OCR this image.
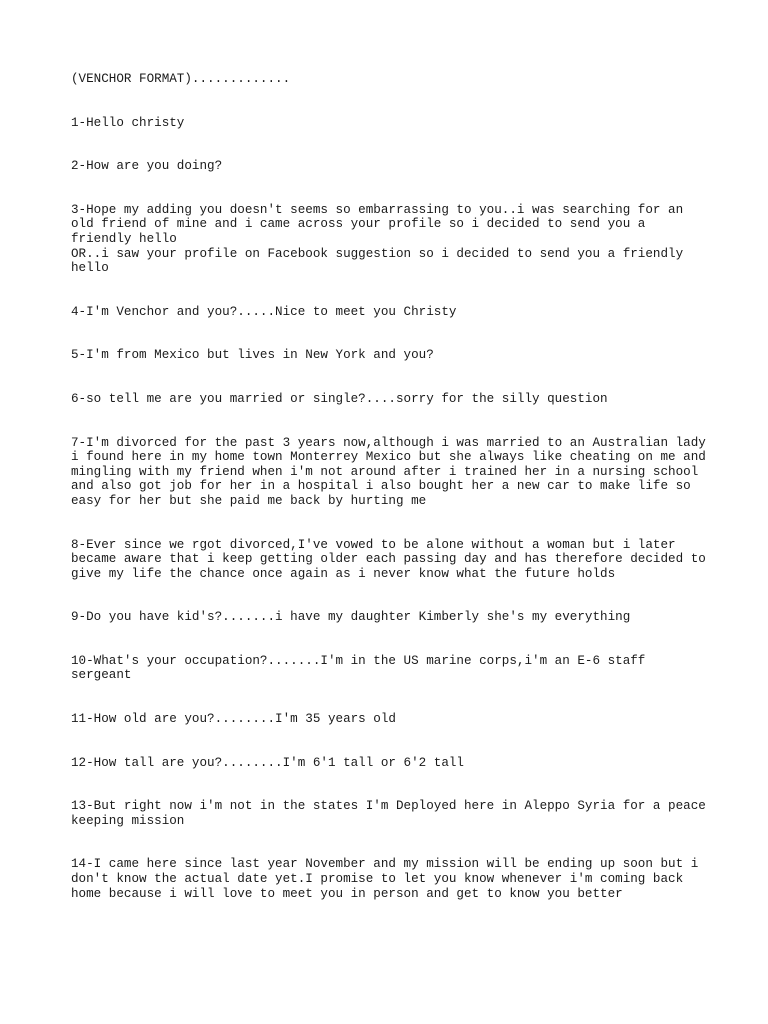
(VENCHOR FORMAT).............

1-Hello christy
2-How are you doing?
3-Hope my adding you doesn't seems so embarrassing to you..i was searching for an old friend of mine and i came across your profile so i decided to send you a friendly hello
OR..i saw your profile on Facebook suggestion so i decided to send you a friendly hello
4-I'm Venchor and you?.....Nice to meet you Christy
5-I'm from Mexico but lives in New York and you?
6-so tell me are you married or single?....sorry for the silly question
7-I'm divorced for the past 3 years now,although i was married to an Australian lady i found here in my home town Monterrey Mexico but she always like cheating on me and mingling with my friend when i'm not around after i trained her in a nursing school and also got job for her in a hospital i also bought her a new car to make life so easy for her but she paid me back by hurting me
8-Ever since we rgot divorced,I've vowed to be alone without a woman but i later became aware that i keep getting older each passing day and has therefore decided to give my life the chance once again as i never know what the future holds
9-Do you have kid's?.......i have my daughter Kimberly she's my everything
10-What's your occupation?.......I'm in the US marine corps,i'm an E-6 staff sergeant
11-How old are you?........I'm 35 years old
12-How tall are you?........I'm 6'1 tall or 6'2 tall
13-But right now i'm not in the states I'm Deployed here in Aleppo Syria for a peace keeping mission
14-I came here since last year November and my mission will be ending up soon but i don't know the actual date yet.I promise to let you know whenever i'm coming back home because i will love to meet you in person and get to know you better
